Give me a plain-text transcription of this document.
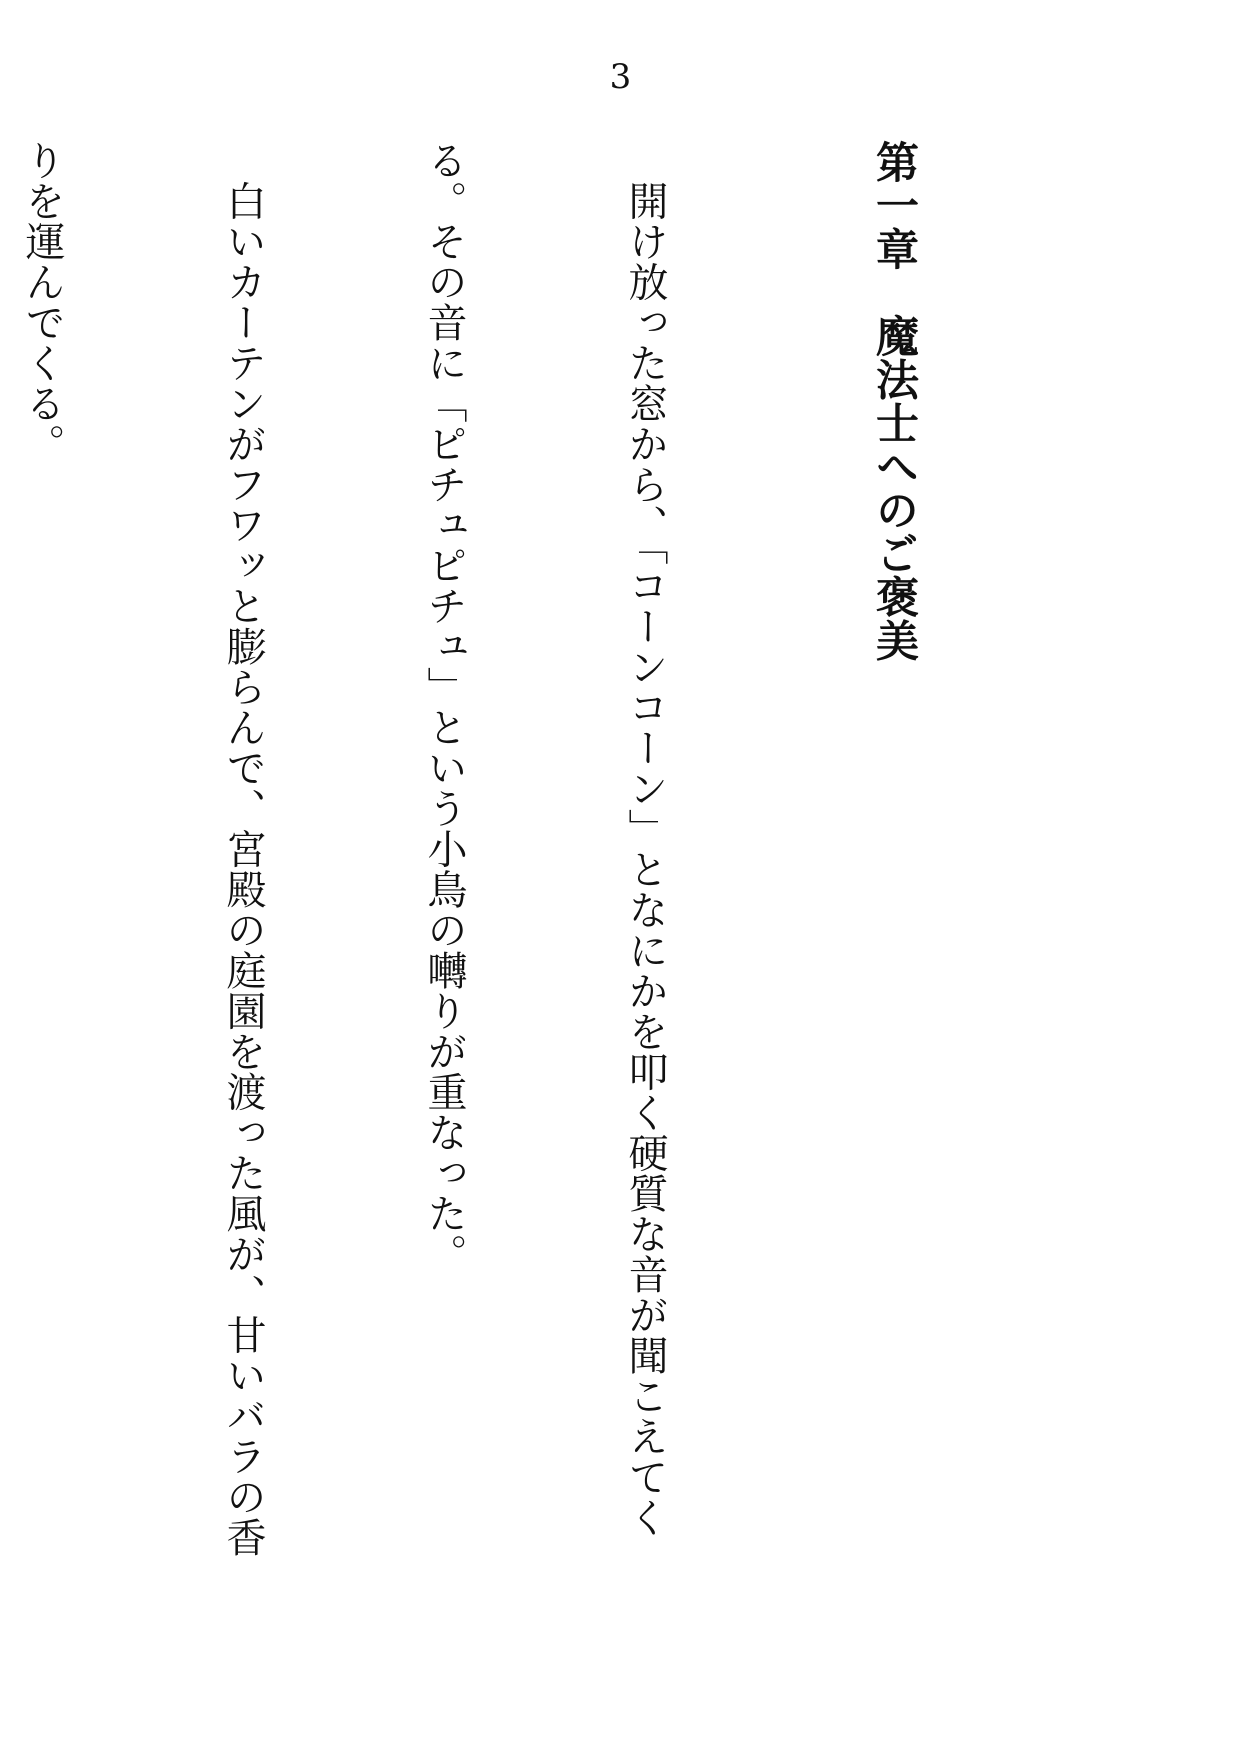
3

第一章　魔法士へのご褒美

　開け放った窓から、「コーンコーン」となにかを叩く硬質な音が聞こえてく

る。その音に「ピチュピチュ」という小鳥の囀りが重なった。

　白いカーテンがフワッと膨らんで、宮殿の庭園を渡った風が、甘いバラの香

りを運んでくる。
